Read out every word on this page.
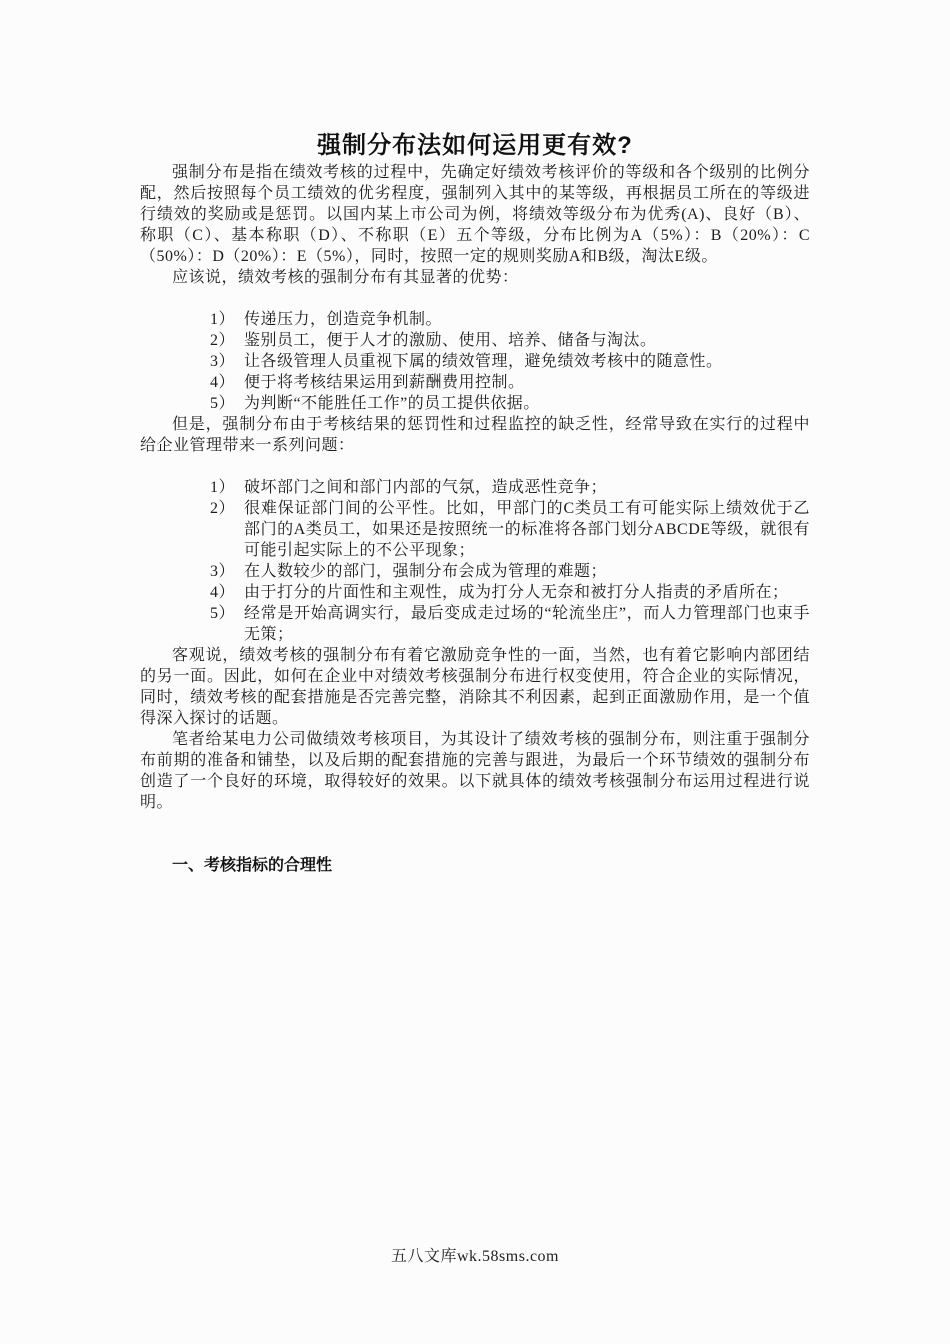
强制分布法如何运用更有效?

强制分布是指在绩效考核的过程中，先确定好绩效考核评价的等级和各个级别的比例分配，然后按照每个员工绩效的优劣程度，强制列入其中的某等级，再根据员工所在的等级进行绩效的奖励或是惩罚。以国内某上市公司为例，将绩效等级分布为优秀(A)、良好（B）、称职（C）、基本称职（D）、不称职（E）五个等级，分布比例为A（5%）：B（20%）：C（50%）：D（20%）：E（5%），同时，按照一定的规则奖励A和B级，淘汰E级。

应该说，绩效考核的强制分布有其显著的优势：

1） 传递压力，创造竞争机制。
2） 鉴别员工，便于人才的激励、使用、培养、储备与淘汰。
3） 让各级管理人员重视下属的绩效管理，避免绩效考核中的随意性。
4） 便于将考核结果运用到薪酬费用控制。
5） 为判断“不能胜任工作”的员工提供依据。

但是，强制分布由于考核结果的惩罚性和过程监控的缺乏性，经常导致在实行的过程中给企业管理带来一系列问题：

1） 破坏部门之间和部门内部的气氛，造成恶性竞争；
2） 很难保证部门间的公平性。比如，甲部门的C类员工有可能实际上绩效优于乙部门的A类员工，如果还是按照统一的标准将各部门划分ABCDE等级，就很有可能引起实际上的不公平现象；
3） 在人数较少的部门，强制分布会成为管理的难题；
4） 由于打分的片面性和主观性，成为打分人无奈和被打分人指责的矛盾所在；
5） 经常是开始高调实行，最后变成走过场的“轮流坐庄”，而人力管理部门也束手无策；

客观说，绩效考核的强制分布有着它激励竞争性的一面，当然，也有着它影响内部团结的另一面。因此，如何在企业中对绩效考核强制分布进行权变使用，符合企业的实际情况，同时，绩效考核的配套措施是否完善完整，消除其不利因素，起到正面激励作用，是一个值得深入探讨的话题。

笔者给某电力公司做绩效考核项目，为其设计了绩效考核的强制分布，则注重于强制分布前期的准备和铺垫，以及后期的配套措施的完善与跟进，为最后一个环节绩效的强制分布创造了一个良好的环境，取得较好的效果。以下就具体的绩效考核强制分布运用过程进行说明。

一、考核指标的合理性
五八文库wk.58sms.com
